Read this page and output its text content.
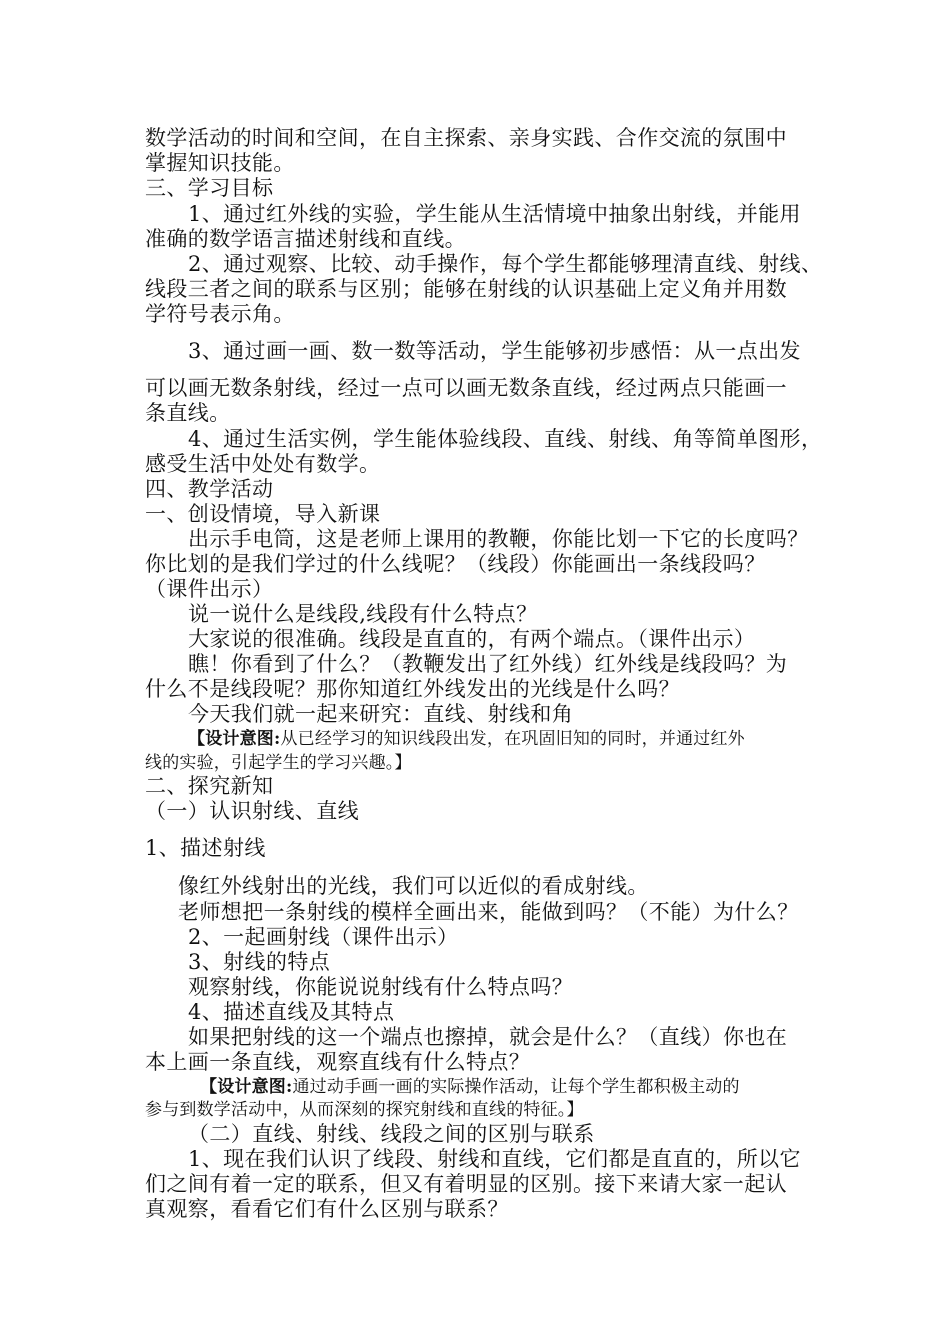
数学活动的时间和空间，在自主探索、亲身实践、合作交流的氛围中
掌握知识技能。
三、学习目标
1、通过红外线的实验，学生能从生活情境中抽象出射线，并能用
准确的数学语言描述射线和直线。
2、通过观察、比较、动手操作，每个学生都能够理清直线、射线、
线段三者之间的联系与区别；能够在射线的认识基础上定义角并用数
学符号表示角。
3、通过画一画、数一数等活动，学生能够初步感悟：从一点出发
可以画无数条射线，经过一点可以画无数条直线，经过两点只能画一
条直线。
4、通过生活实例，学生能体验线段、直线、射线、角等简单图形，
感受生活中处处有数学。
四、教学活动
一、创设情境，导入新课
出示手电筒，这是老师上课用的教鞭，你能比划一下它的长度吗？
你比划的是我们学过的什么线呢？（线段）你能画出一条线段吗？
（课件出示）
说一说什么是线段,线段有什么特点？
大家说的很准确。线段是直直的，有两个端点。（课件出示）
瞧！你看到了什么？（教鞭发出了红外线）红外线是线段吗？为
什么不是线段呢？那你知道红外线发出的光线是什么吗？
今天我们就一起来研究：直线、射线和角
【设计意图:从已经学习的知识线段出发，在巩固旧知的同时，并通过红外
线的实验，引起学生的学习兴趣。】
二、探究新知
（一）认识射线、直线
1、描述射线
像红外线射出的光线，我们可以近似的看成射线。
老师想把一条射线的模样全画出来，能做到吗？（不能）为什么？
2、一起画射线（课件出示）
3、射线的特点
观察射线，你能说说射线有什么特点吗？
4、描述直线及其特点
如果把射线的这一个端点也擦掉，就会是什么？（直线）你也在
本上画一条直线，观察直线有什么特点？
【设计意图:通过动手画一画的实际操作活动，让每个学生都积极主动的
参与到数学活动中，从而深刻的探究射线和直线的特征。】
（二）直线、射线、线段之间的区别与联系
1、现在我们认识了线段、射线和直线，它们都是直直的，所以它
们之间有着一定的联系，但又有着明显的区别。接下来请大家一起认
真观察，看看它们有什么区别与联系？
